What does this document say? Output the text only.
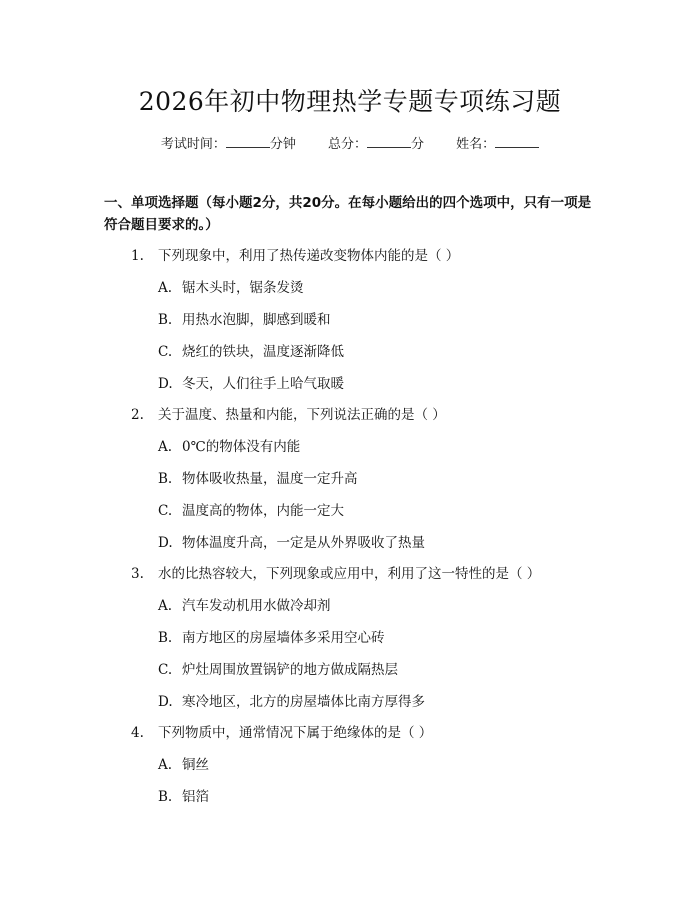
2026年初中物理热学专题专项练习题
考试时间：	分钟 总分：	分 姓名：
一、单项选择题（每小题2分，共20分。在每小题给出的四个选项中，只有一项是符合题目要求的。）
1. 下列现象中，利用了热传递改变物体内能的是（ ）
A. 锯木头时，锯条发烫
B. 用热水泡脚，脚感到暖和
C. 烧红的铁块，温度逐渐降低
D. 冬天，人们往手上哈气取暖
2. 关于温度、热量和内能，下列说法正确的是（ ）
A. 0℃的物体没有内能
B. 物体吸收热量，温度一定升高
C. 温度高的物体，内能一定大
D. 物体温度升高，一定是从外界吸收了热量
3. 水的比热容较大，下列现象或应用中，利用了这一特性的是（ ）
A. 汽车发动机用水做冷却剂
B. 南方地区的房屋墙体多采用空心砖
C. 炉灶周围放置锅铲的地方做成隔热层
D. 寒冷地区，北方的房屋墙体比南方厚得多
4. 下列物质中，通常情况下属于绝缘体的是（ ）
A. 铜丝
B. 铝箔
